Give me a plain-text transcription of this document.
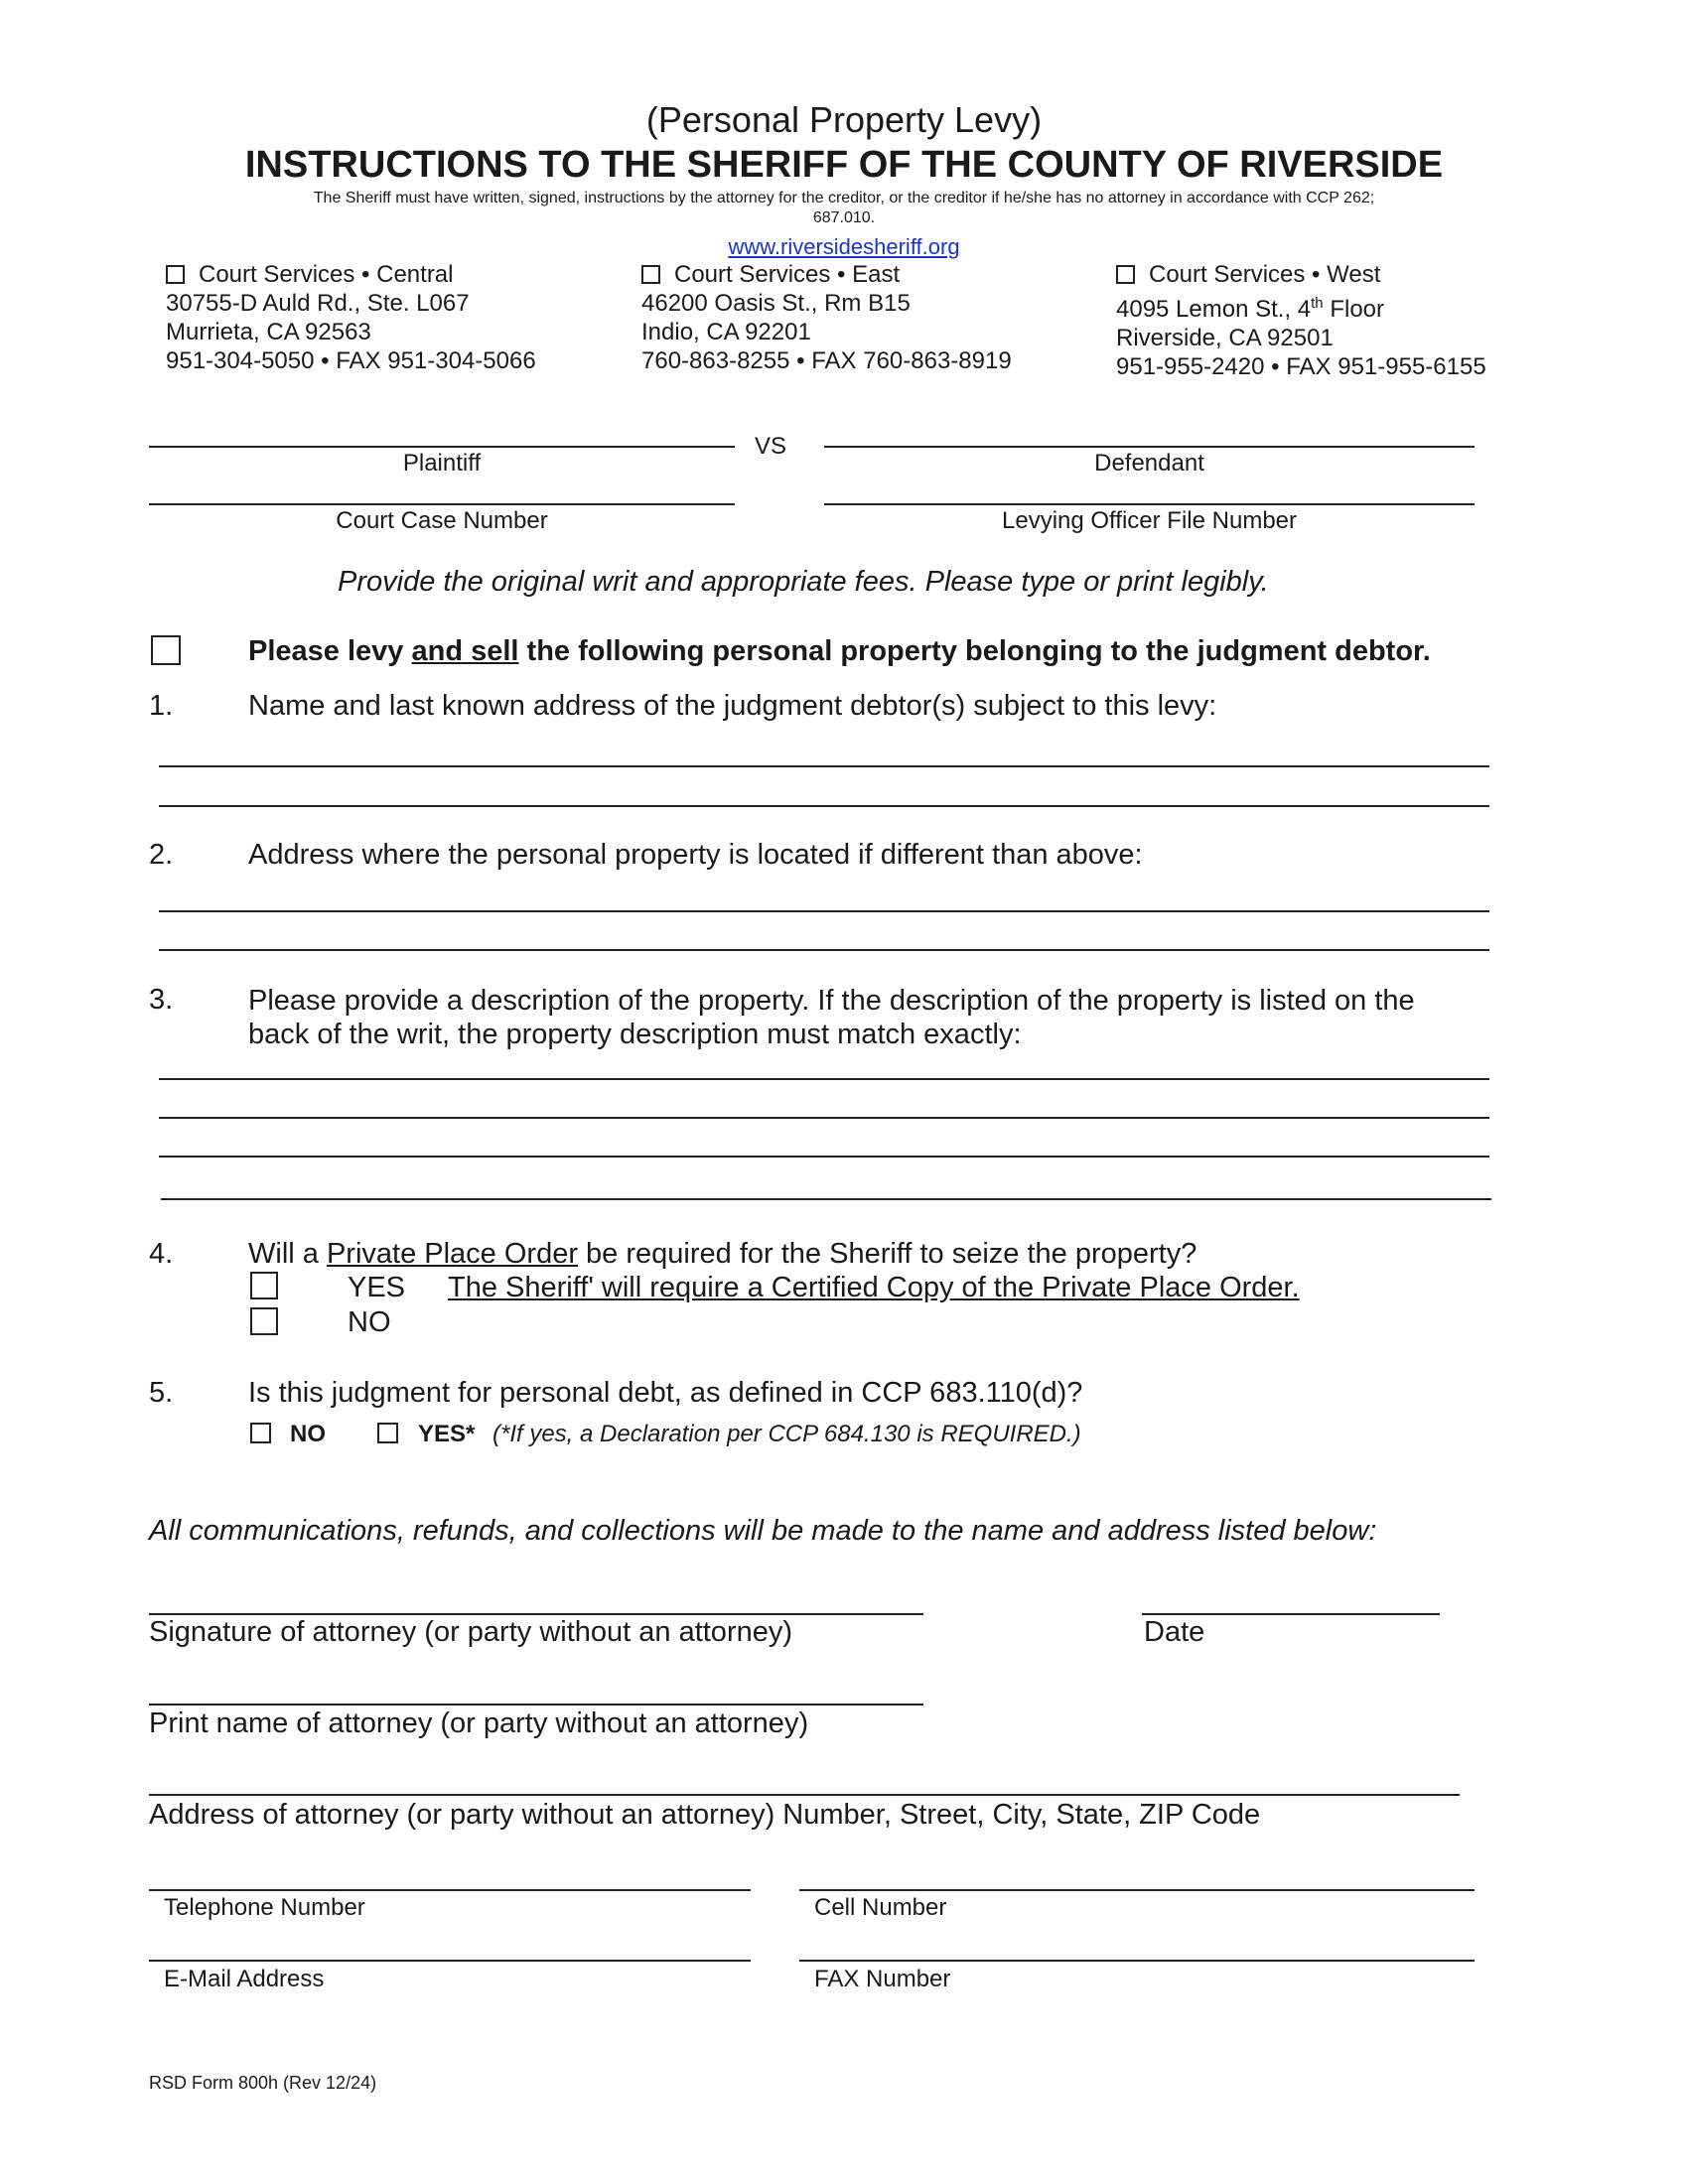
(Personal Property Levy)
INSTRUCTIONS TO THE SHERIFF OF THE COUNTY OF RIVERSIDE
The Sheriff must have written, signed, instructions by the attorney for the creditor, or the creditor if he/she has no attorney in accordance with CCP 262;
687.010.
www.riversidesheriff.org
Court Services • Central
30755-D Auld Rd., Ste. L067
Murrieta, CA 92563
951-304-5050 • FAX 951-304-5066
Court Services • East
46200 Oasis St., Rm B15
Indio, CA 92201
760-863-8255 • FAX 760-863-8919
Court Services • West
4095 Lemon St., 4th Floor
Riverside, CA 92501
951-955-2420 • FAX 951-955-6155
Plaintiff
VS
Defendant
Court Case Number	Levying Officer File Number
Provide the original writ and appropriate fees. Please type or print legibly.
Please levy and sell the following personal property belonging to the judgment debtor.
1.	Name and last known address of the judgment debtor(s) subject to this levy:
2.	Address where the personal property is located if different than above:
3.	Please provide a description of the property. If the description of the property is listed on the
back of the writ, the property description must match exactly:
4.	Will a Private Place Order be required for the Sheriff to seize the property?
YES The Sheriff' will require a Certified Copy of the Private Place Order.
NO
5.	Is this judgment for personal debt, as defined in CCP 683.110(d)?
NO	YES* (*If yes, a Declaration per CCP 684.130 is REQUIRED.)
All communications, refunds, and collections will be made to the name and address listed below:
Signature of attorney (or party without an attorney)	Date
Print name of attorney (or party without an attorney)
Address of attorney (or party without an attorney) Number, Street, City, State, ZIP Code
Telephone Number	Cell Number
E-Mail Address	FAX Number
RSD Form 800h (Rev 12/24)
